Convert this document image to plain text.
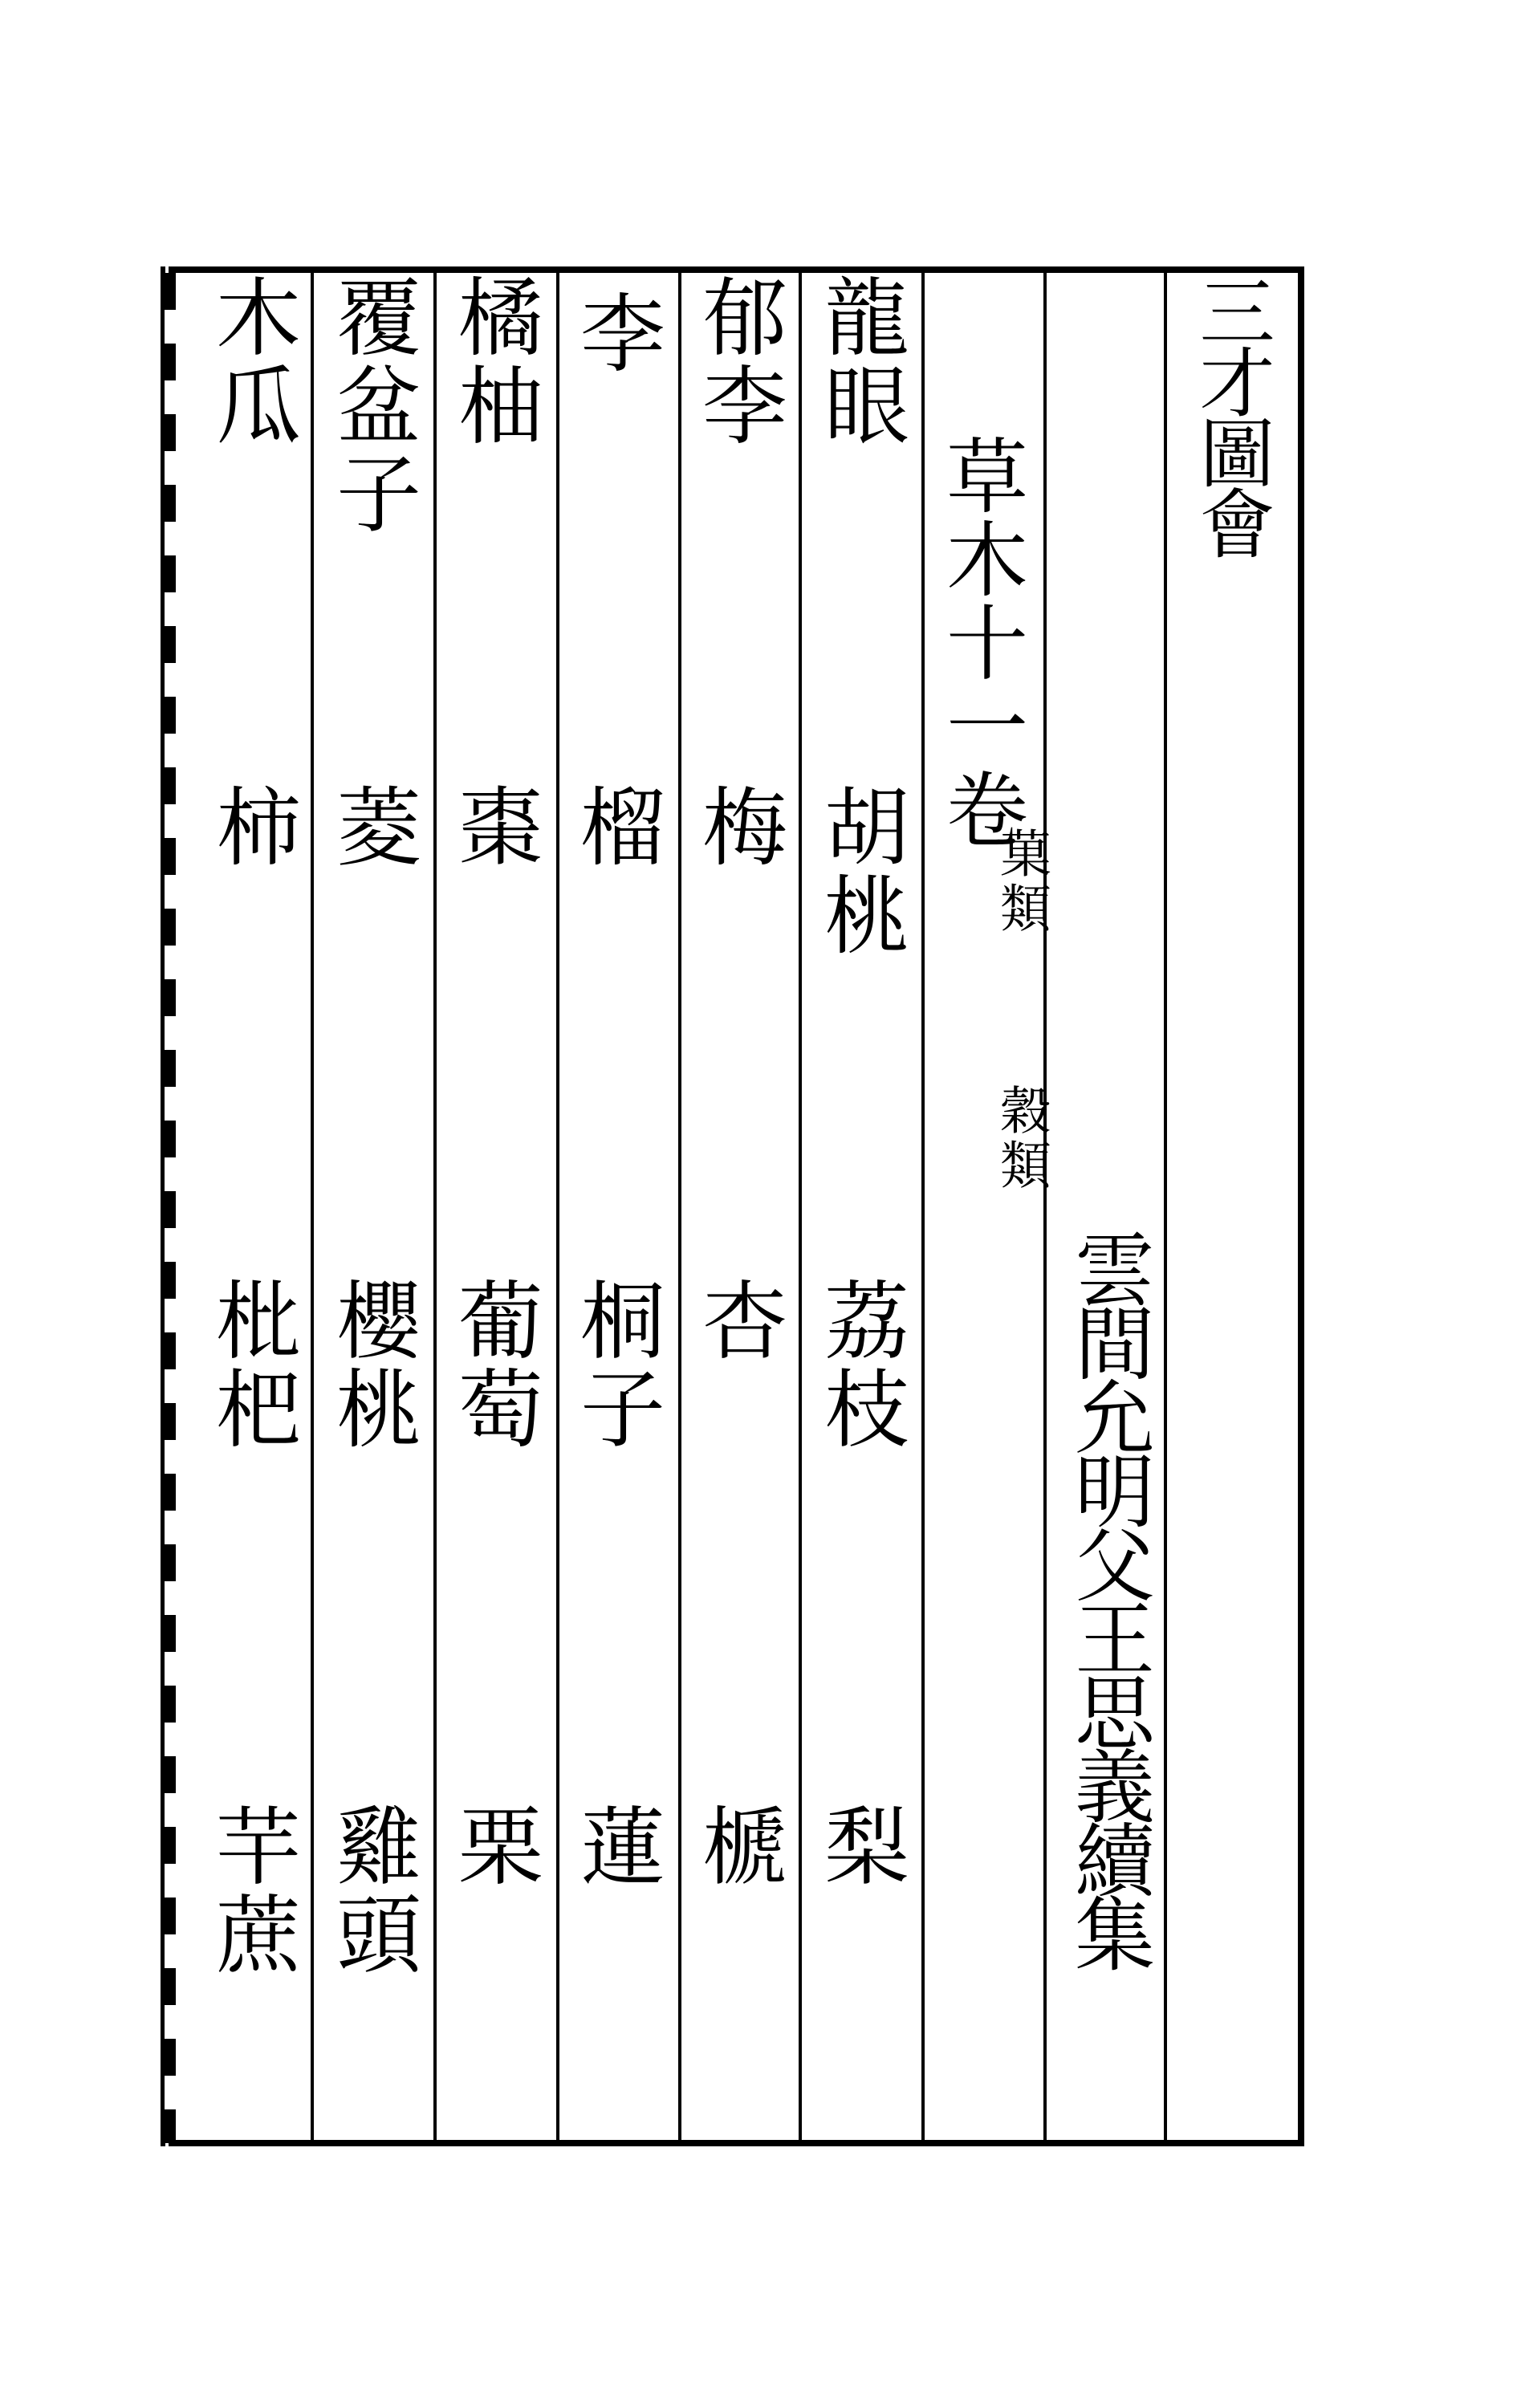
三才圖會
雲間允明父王思義續集
草木十一卷
菓類
穀類
龍眼
胡桃
荔枝
梨
郁李
梅
杏
榹
李
榴
桐子
蓮
橘柚
棗
葡萄
栗
覆盆子
菱
櫻桃
雞頭
木瓜
柿
枇杷
芉蔗
